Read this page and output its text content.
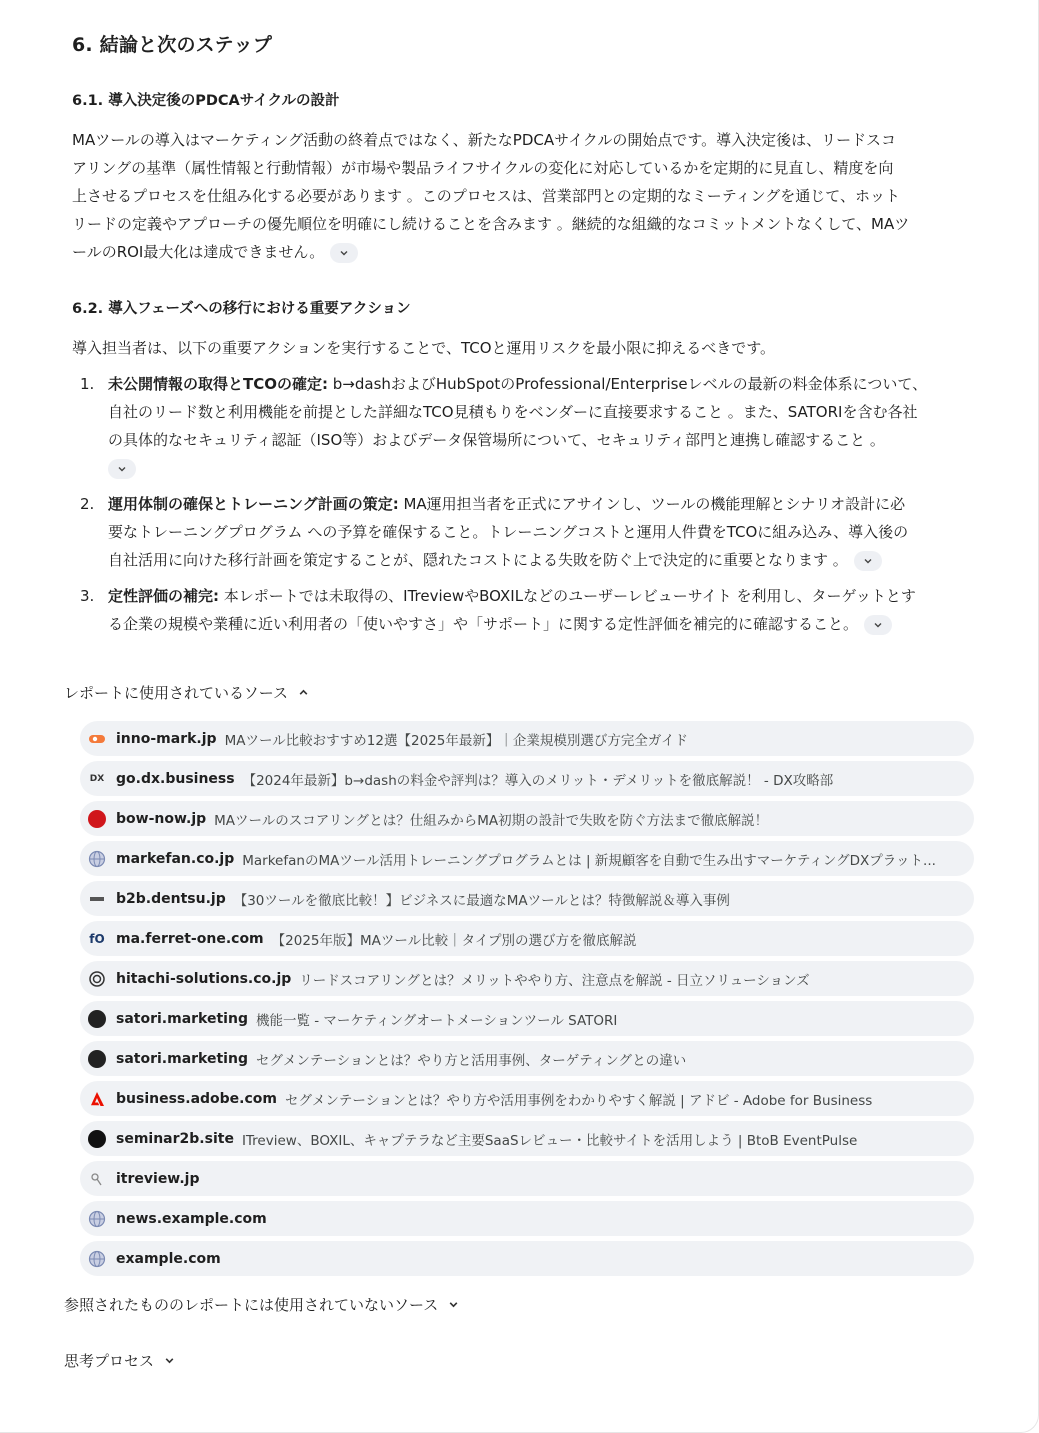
6. 結論と次のステップ
6.1. 導入決定後のPDCAサイクルの設計
MAツールの導入はマーケティング活動の終着点ではなく、新たなPDCAサイクルの開始点です。導入決定後は、リードスコ
アリングの基準（属性情報と行動情報）が市場や製品ライフサイクルの変化に対応しているかを定期的に見直し、精度を向
上させるプロセスを仕組み化する必要があります 。このプロセスは、営業部門との定期的なミーティングを通じて、ホット
リードの定義やアプローチの優先順位を明確にし続けることを含みます 。継続的な組織的なコミットメントなくして、MAツ
ールのROI最大化は達成できません。
6.2. 導入フェーズへの移行における重要アクション
導入担当者は、以下の重要アクションを実行することで、TCOと運用リスクを最小限に抑えるべきです。
1. 未公開情報の取得とTCOの確定: b→dashおよびHubSpotのProfessional/Enterpriseレベルの最新の料金体系について、
自社のリード数と利用機能を前提とした詳細なTCO見積もりをベンダーに直接要求すること 。また、SATORIを含む各社
の具体的なセキュリティ認証（ISO等）およびデータ保管場所について、セキュリティ部門と連携し確認すること 。
2. 運用体制の確保とトレーニング計画の策定: MA運用担当者を正式にアサインし、ツールの機能理解とシナリオ設計に必
要なトレーニングプログラム への予算を確保すること。トレーニングコストと運用人件費をTCOに組み込み、導入後の
自社活用に向けた移行計画を策定することが、隠れたコストによる失敗を防ぐ上で決定的に重要となります 。
3. 定性評価の補完: 本レポートでは未取得の、ITreviewやBOXILなどのユーザーレビューサイト を利用し、ターゲットとす
る企業の規模や業種に近い利用者の「使いやすさ」や「サポート」に関する定性評価を補完的に確認すること。
レポートに使用されているソース
inno-mark.jp MAツール比較おすすめ12選【2025年最新】｜企業規模別選び方完全ガイド
DX go.dx.business 【2024年最新】b→dashの料金や評判は？導入のメリット・デメリットを徹底解説！ - DX攻略部
bow-now.jp MAツールのスコアリングとは？仕組みからMA初期の設計で失敗を防ぐ方法まで徹底解説！
markefan.co.jp MarkefanのMAツール活用トレーニングプログラムとは | 新規顧客を自動で生み出すマーケティングDXプラット...
b2b.dentsu.jp 【30ツールを徹底比較！】ビジネスに最適なMAツールとは？特徴解説＆導入事例
fO ma.ferret-one.com 【2025年版】MAツール比較｜タイプ別の選び方を徹底解説
hitachi-solutions.co.jp リードスコアリングとは？メリットややり方、注意点を解説 - 日立ソリューションズ
satori.marketing 機能一覧 - マーケティングオートメーションツール SATORI
satori.marketing セグメンテーションとは？やり方と活用事例、ターゲティングとの違い
business.adobe.com セグメンテーションとは？やり方や活用事例をわかりやすく解説 | アドビ - Adobe for Business
seminar2b.site ITreview、BOXIL、キャプテラなど主要SaaSレビュー・比較サイトを活用しよう | BtoB EventPulse
itreview.jp
news.example.com
example.com
参照されたもののレポートには使用されていないソース
思考プロセス
